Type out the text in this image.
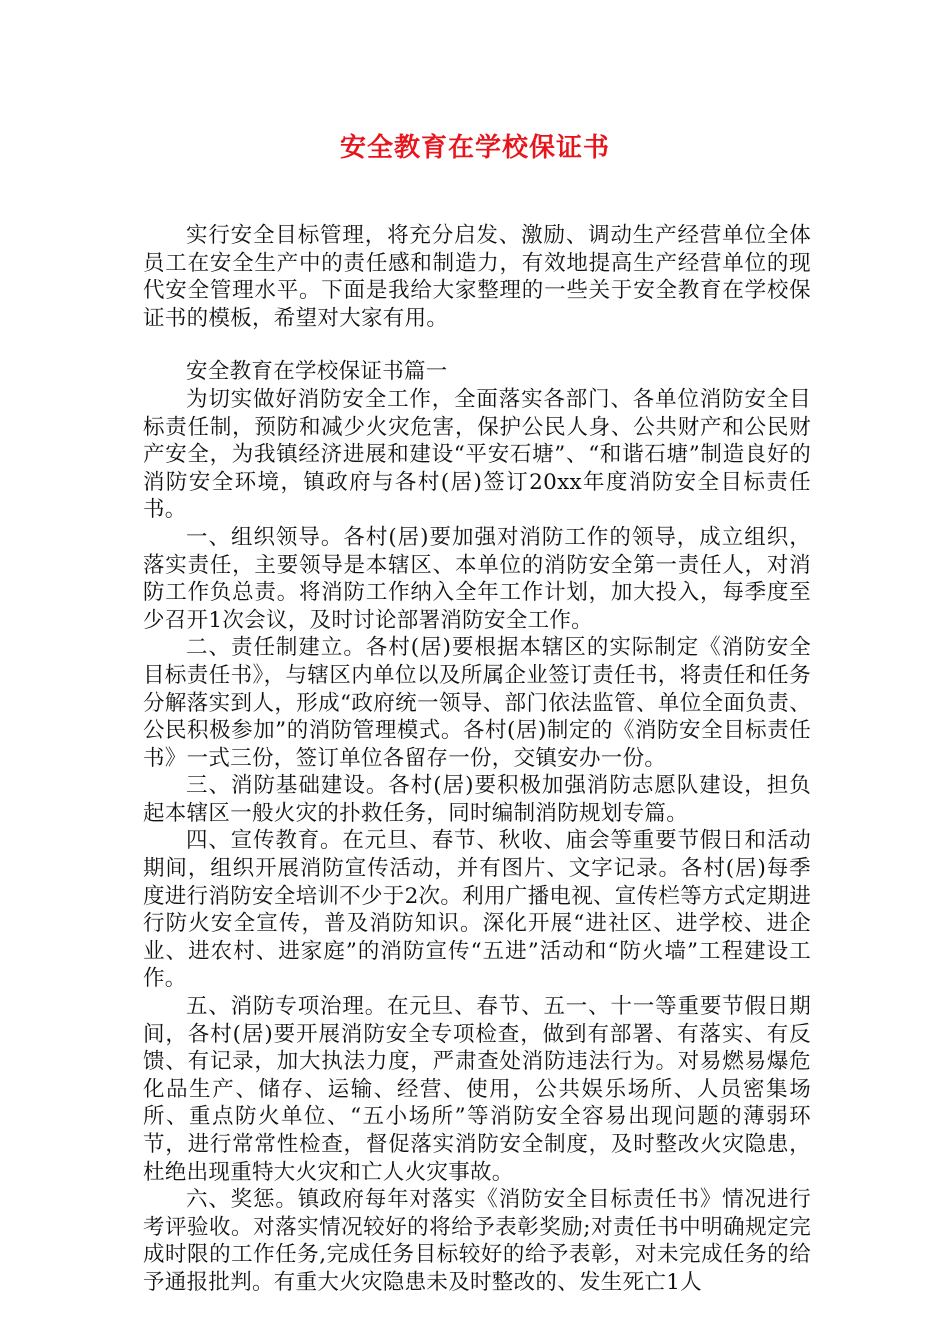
安全教育在学校保证书

实行安全目标管理，将充分启发、激励、调动生产经营单位全体员工在安全生产中的责任感和制造力，有效地提高生产经营单位的现代安全管理水平。下面是我给大家整理的一些关于安全教育在学校保证书的模板，希望对大家有用。

安全教育在学校保证书篇一

为切实做好消防安全工作，全面落实各部门、各单位消防安全目标责任制，预防和减少火灾危害，保护公民人身、公共财产和公民财产安全，为我镇经济进展和建设“平安石塘”、“和谐石塘”制造良好的消防安全环境，镇政府与各村(居)签订20xx年度消防安全目标责任书。

一、组织领导。各村(居)要加强对消防工作的领导，成立组织，落实责任，主要领导是本辖区、本单位的消防安全第一责任人，对消防工作负总责。将消防工作纳入全年工作计划，加大投入，每季度至少召开1次会议，及时讨论部署消防安全工作。

二、责任制建立。各村(居)要根据本辖区的实际制定《消防安全目标责任书》，与辖区内单位以及所属企业签订责任书，将责任和任务分解落实到人，形成“政府统一领导、部门依法监管、单位全面负责、公民积极参加”的消防管理模式。各村(居)制定的《消防安全目标责任书》一式三份，签订单位各留存一份，交镇安办一份。

三、消防基础建设。各村(居)要积极加强消防志愿队建设，担负起本辖区一般火灾的扑救任务，同时编制消防规划专篇。

四、宣传教育。在元旦、春节、秋收、庙会等重要节假日和活动期间，组织开展消防宣传活动，并有图片、文字记录。各村(居)每季度进行消防安全培训不少于2次。利用广播电视、宣传栏等方式定期进行防火安全宣传，普及消防知识。深化开展“进社区、进学校、进企业、进农村、进家庭”的消防宣传“五进”活动和“防火墙”工程建设工作。

五、消防专项治理。在元旦、春节、五一、十一等重要节假日期间，各村(居)要开展消防安全专项检查，做到有部署、有落实、有反馈、有记录，加大执法力度，严肃查处消防违法行为。对易燃易爆危化品生产、储存、运输、经营、使用，公共娱乐场所、人员密集场所、重点防火单位、“五小场所”等消防安全容易出现问题的薄弱环节，进行常常性检查，督促落实消防安全制度，及时整改火灾隐患，杜绝出现重特大火灾和亡人火灾事故。

六、奖惩。镇政府每年对落实《消防安全目标责任书》情况进行考评验收。对落实情况较好的将给予表彰奖励;对责任书中明确规定完成时限的工作任务,完成任务目标较好的给予表彰，对未完成任务的给予通报批判。有重大火灾隐患未及时整改的、发生死亡1人
